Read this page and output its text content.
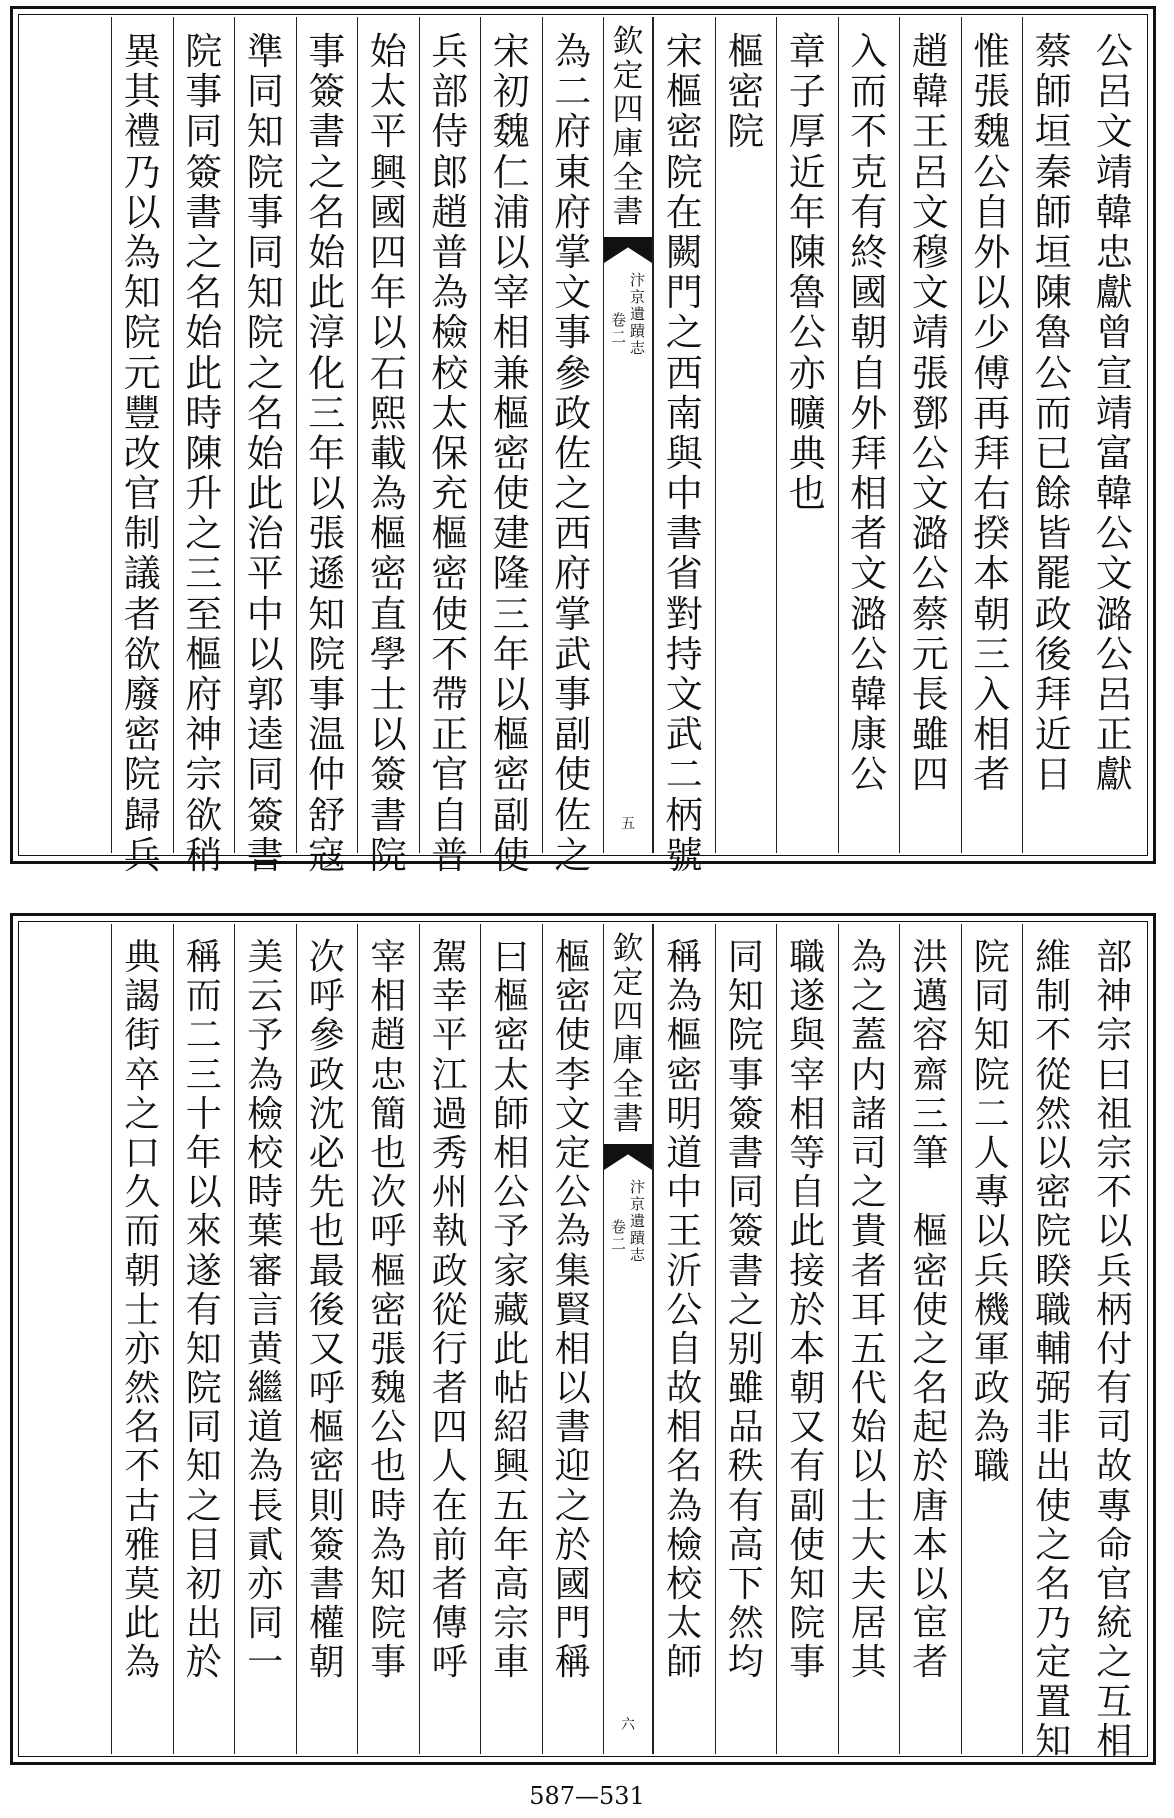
公
呂
文
靖
韓
忠
獻
曾
宣
靖
富
韓
公
文
潞
公
呂
正
獻
蔡
師
垣
秦
師
垣
陳
魯
公
而
已
餘
皆
罷
政
後
拜
近
日
惟
張
魏
公
自
外
以
少
傅
再
拜
右
揆
本
朝
三
入
相
者
趙
韓
王
呂
文
穆
文
靖
張
鄧
公
文
潞
公
蔡
元
長
雖
四
入
而
不
克
有
終
國
朝
自
外
拜
相
者
文
潞
公
韓
康
公
章
子
厚
近
年
陳
魯
公
亦
曠
典
也
樞
密
院
宋
樞
密
院
在
闕
門
之
西
南
與
中
書
省
對
持
文
武
二
柄
號
欽
定
四
庫
全
書
汴
京
遺
蹟
志
卷
二
五
為
二
府
東
府
掌
文
事
參
政
佐
之
西
府
掌
武
事
副
使
佐
之
宋
初
魏
仁
浦
以
宰
相
兼
樞
密
使
建
隆
三
年
以
樞
密
副
使
兵
部
侍
郎
趙
普
為
檢
校
太
保
充
樞
密
使
不
帶
正
官
自
普
始
太
平
興
國
四
年
以
石
熙
載
為
樞
密
直
學
士
以
簽
書
院
事
簽
書
之
名
始
此
淳
化
三
年
以
張
遜
知
院
事
温
仲
舒
寇
準
同
知
院
事
同
知
院
之
名
始
此
治
平
中
以
郭
逵
同
簽
書
院
事
同
簽
書
之
名
始
此
時
陳
升
之
三
至
樞
府
神
宗
欲
稍
異
其
禮
乃
以
為
知
院
元
豐
改
官
制
議
者
欲
廢
密
院
歸
兵
部
神
宗
曰
祖
宗
不
以
兵
柄
付
有
司
故
專
命
官
統
之
互
相
維
制
不
從
然
以
密
院
睽
職
輔
弼
非
出
使
之
名
乃
定
置
知
院
同
知
院
二
人
專
以
兵
機
軍
政
為
職
洪
邁
容
齋
三
筆

樞
密
使
之
名
起
於
唐
本
以
宦
者
為
之
蓋
内
諸
司
之
貴
者
耳
五
代
始
以
士
大
夫
居
其
職
遂
與
宰
相
等
自
此
接
於
本
朝
又
有
副
使
知
院
事
同
知
院
事
簽
書
同
簽
書
之
别
雖
品
秩
有
高
下
然
均
稱
為
樞
密
明
道
中
王
沂
公
自
故
相
名
為
檢
校
太
師
欽
定
四
庫
全
書
汴
京
遺
蹟
志
卷
二
六
樞
密
使
李
文
定
公
為
集
賢
相
以
書
迎
之
於
國
門
稱
曰
樞
密
太
師
相
公
予
家
藏
此
帖
紹
興
五
年
高
宗
車
駕
幸
平
江
過
秀
州
執
政
從
行
者
四
人
在
前
者
傳
呼
宰
相
趙
忠
簡
也
次
呼
樞
密
張
魏
公
也
時
為
知
院
事
次
呼
參
政
沈
必
先
也
最
後
又
呼
樞
密
則
簽
書
權
朝
美
云
予
為
檢
校
時
葉
審
言
黄
繼
道
為
長
貳
亦
同
一
稱
而
二
三
十
年
以
來
遂
有
知
院
同
知
之
目
初
出
於
典
謁
街
卒
之
口
久
而
朝
士
亦
然
名
不
古
雅
莫
此
為
587—531
